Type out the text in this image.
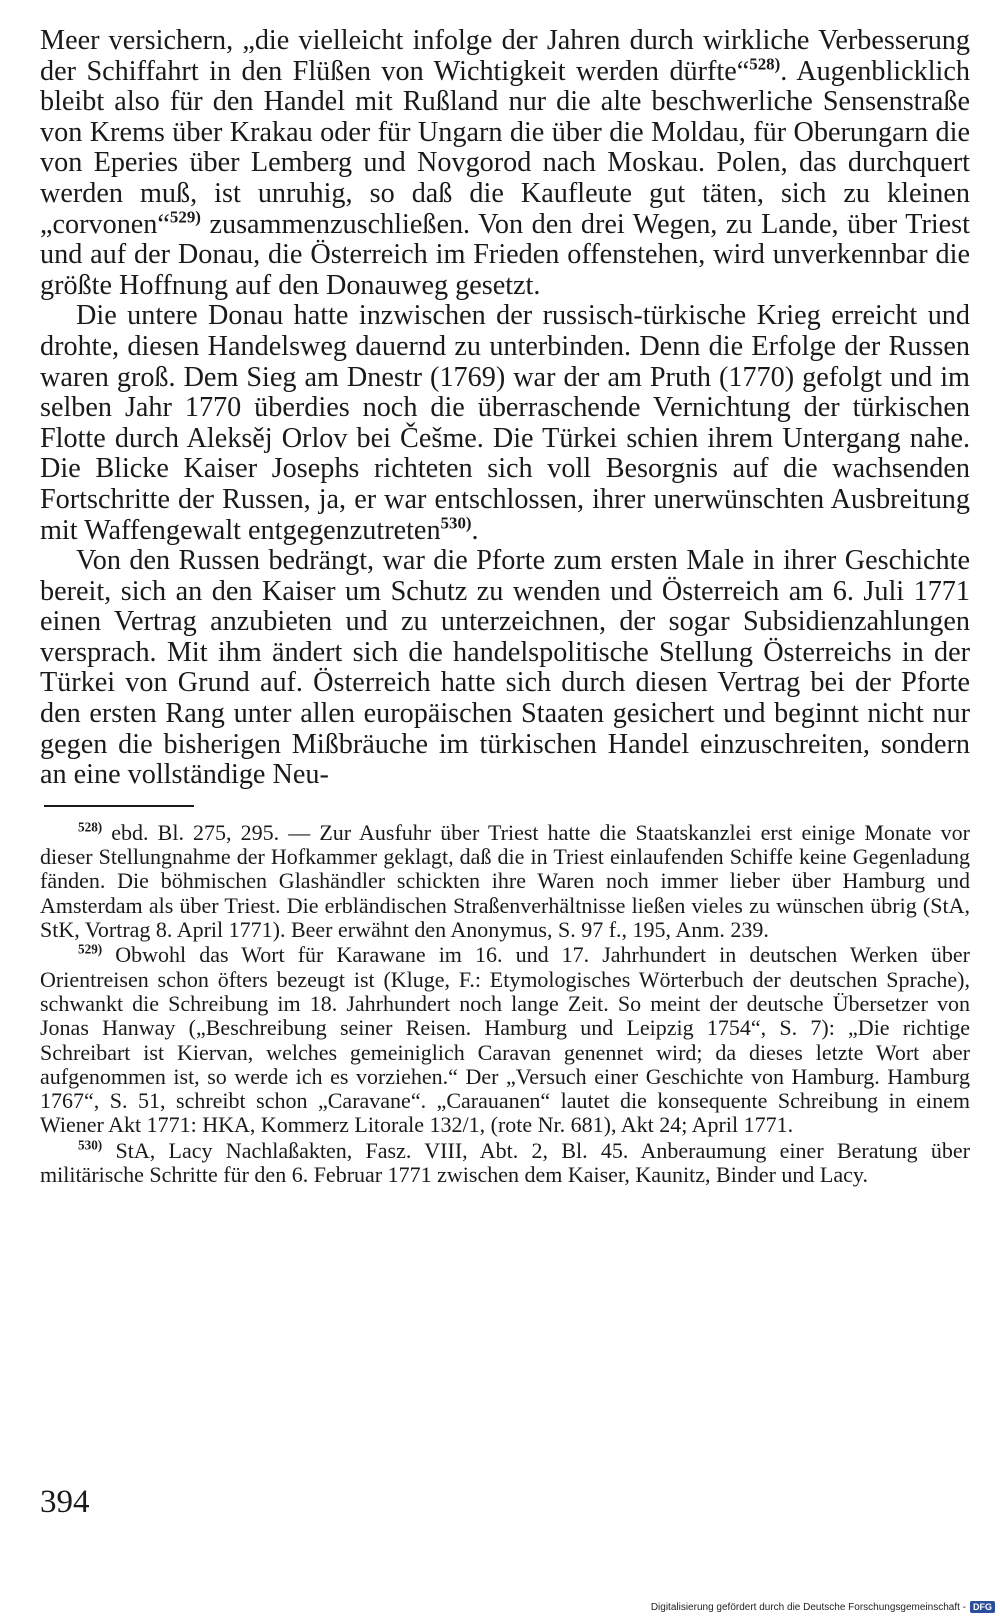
Meer versichern, „die vielleicht infolge der Jahren durch wirkliche Verbesserung der Schiffahrt in den Flüßen von Wichtigkeit werden dürfte“$^{528)}$. Augenblicklich bleibt also für den Handel mit Rußland nur die alte beschwerliche Sensenstraße von Krems über Krakau oder für Ungarn die über die Moldau, für Oberungarn die von Eperies über Lemberg und Novgorod nach Moskau. Polen, das durchquert werden muß, ist unruhig, so daß die Kaufleute gut täten, sich zu kleinen „corvonen“$^{529)}$ zusammenzuschließen. Von den drei Wegen, zu Lande, über Triest und auf der Donau, die Österreich im Frieden offenstehen, wird unverkennbar die größte Hoffnung auf den Donauweg gesetzt.

Die untere Donau hatte inzwischen der russisch-türkische Krieg erreicht und drohte, diesen Handelsweg dauernd zu unterbinden. Denn die Erfolge der Russen waren groß. Dem Sieg am Dnestr (1769) war der am Pruth (1770) gefolgt und im selben Jahr 1770 überdies noch die überraschende Vernichtung der türkischen Flotte durch Aleksěj Orlov bei Češme. Die Türkei schien ihrem Untergang nahe. Die Blicke Kaiser Josephs richteten sich voll Besorgnis auf die wachsenden Fortschritte der Russen, ja, er war entschlossen, ihrer unerwünschten Ausbreitung mit Waffengewalt entgegenzutreten$^{530)}$.

Von den Russen bedrängt, war die Pforte zum ersten Male in ihrer Geschichte bereit, sich an den Kaiser um Schutz zu wenden und Österreich am 6. Juli 1771 einen Vertrag anzubieten und zu unterzeichnen, der sogar Subsidienzahlungen versprach. Mit ihm ändert sich die handelspolitische Stellung Österreichs in der Türkei von Grund auf. Österreich hatte sich durch diesen Vertrag bei der Pforte den ersten Rang unter allen europäischen Staaten gesichert und beginnt nicht nur gegen die bisherigen Mißbräuche im türkischen Handel einzuschreiten, sondern an eine vollständige Neu-

$^{528)}$ ebd. Bl. 275, 295. — Zur Ausfuhr über Triest hatte die Staatskanzlei erst einige Monate vor dieser Stellungnahme der Hofkammer geklagt, daß die in Triest einlaufenden Schiffe keine Gegenladung fänden. Die böhmischen Glashändler schickten ihre Waren noch immer lieber über Hamburg und Amsterdam als über Triest. Die erbländischen Straßenverhältnisse ließen vieles zu wünschen übrig (StA, StK, Vortrag 8. April 1771). Beer erwähnt den Anonymus, S. 97 f., 195, Anm. 239.

$^{529)}$ Obwohl das Wort für Karawane im 16. und 17. Jahrhundert in deutschen Werken über Orientreisen schon öfters bezeugt ist (Kluge, F.: Etymologisches Wörterbuch der deutschen Sprache), schwankt die Schreibung im 18. Jahrhundert noch lange Zeit. So meint der deutsche Übersetzer von Jonas Hanway („Beschreibung seiner Reisen. Hamburg und Leipzig 1754“, S. 7): „Die richtige Schreibart ist Kiervan, welches gemeiniglich Caravan genennet wird; da dieses letzte Wort aber aufgenommen ist, so werde ich es vorziehen.“ Der „Versuch einer Geschichte von Hamburg. Hamburg 1767“, S. 51, schreibt schon „Caravane“. „Carauanen“ lautet die konsequente Schreibung in einem Wiener Akt 1771: HKA, Kommerz Litorale 132/1, (rote Nr. 681), Akt 24; April 1771.

$^{530)}$ StA, Lacy Nachlaßakten, Fasz. VIII, Abt. 2, Bl. 45. Anberaumung einer Beratung über militärische Schritte für den 6. Februar 1771 zwischen dem Kaiser, Kaunitz, Binder und Lacy.

394
Digitalisierung gefördert durch die Deutsche Forschungsgemeinschaft - DFG
